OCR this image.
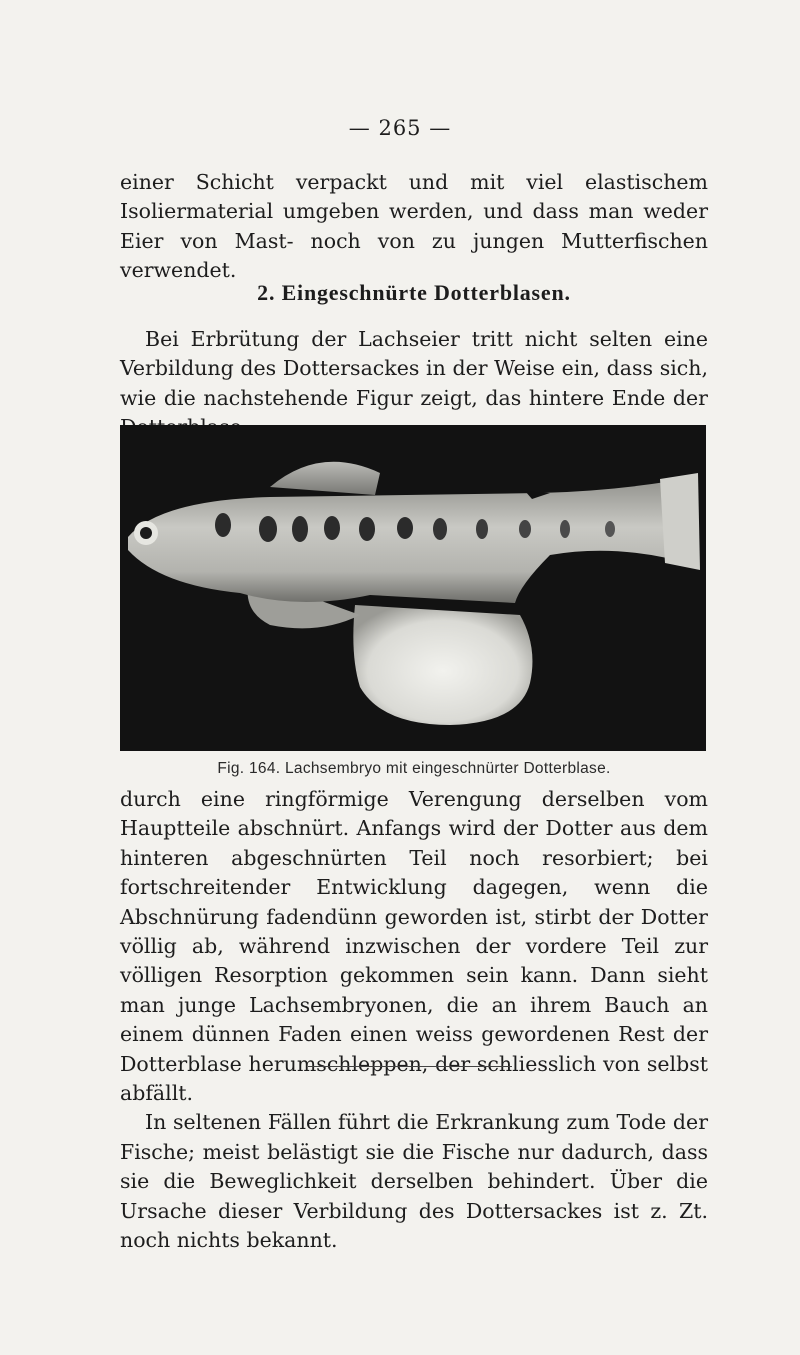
— 265 —

einer Schicht verpackt und mit viel elastischem Isoliermaterial umgeben werden, und dass man weder Eier von Mast- noch von zu jungen Mutterfischen verwendet.

2. Eingeschnürte Dotterblasen.

Bei Erbrütung der Lachseier tritt nicht selten eine Verbildung des Dottersackes in der Weise ein, dass sich, wie die nachstehende Figur zeigt, das hintere Ende der

Fig. 164. Lachsembryo mit eingeschnürter Dotterblase.

durch eine ringförmige Verengung derselben vom Hauptteile abschnürt. Anfangs wird der Dotter aus dem hinteren abgeschnürten Teil noch resorbiert; bei fortschreitender Entwicklung dagegen, wenn die Abschnürung fadendünn geworden ist, stirbt der Dotter völlig ab, während inzwischen der vordere Teil zur völligen Resorption gekommen sein kann. Dann sieht man junge Lachsembryonen, die an ihrem Bauch an einem dünnen Faden einen weiss gewordenen Rest der Dotterblase herumschleppen, der schliesslich von selbst abfällt.

In seltenen Fällen führt die Erkrankung zum Tode der Fische; meist belästigt sie die Fische nur dadurch, dass sie die Beweglichkeit derselben behindert. Über die Ursache dieser Verbildung des Dottersackes ist z. Zt. noch nichts bekannt.
